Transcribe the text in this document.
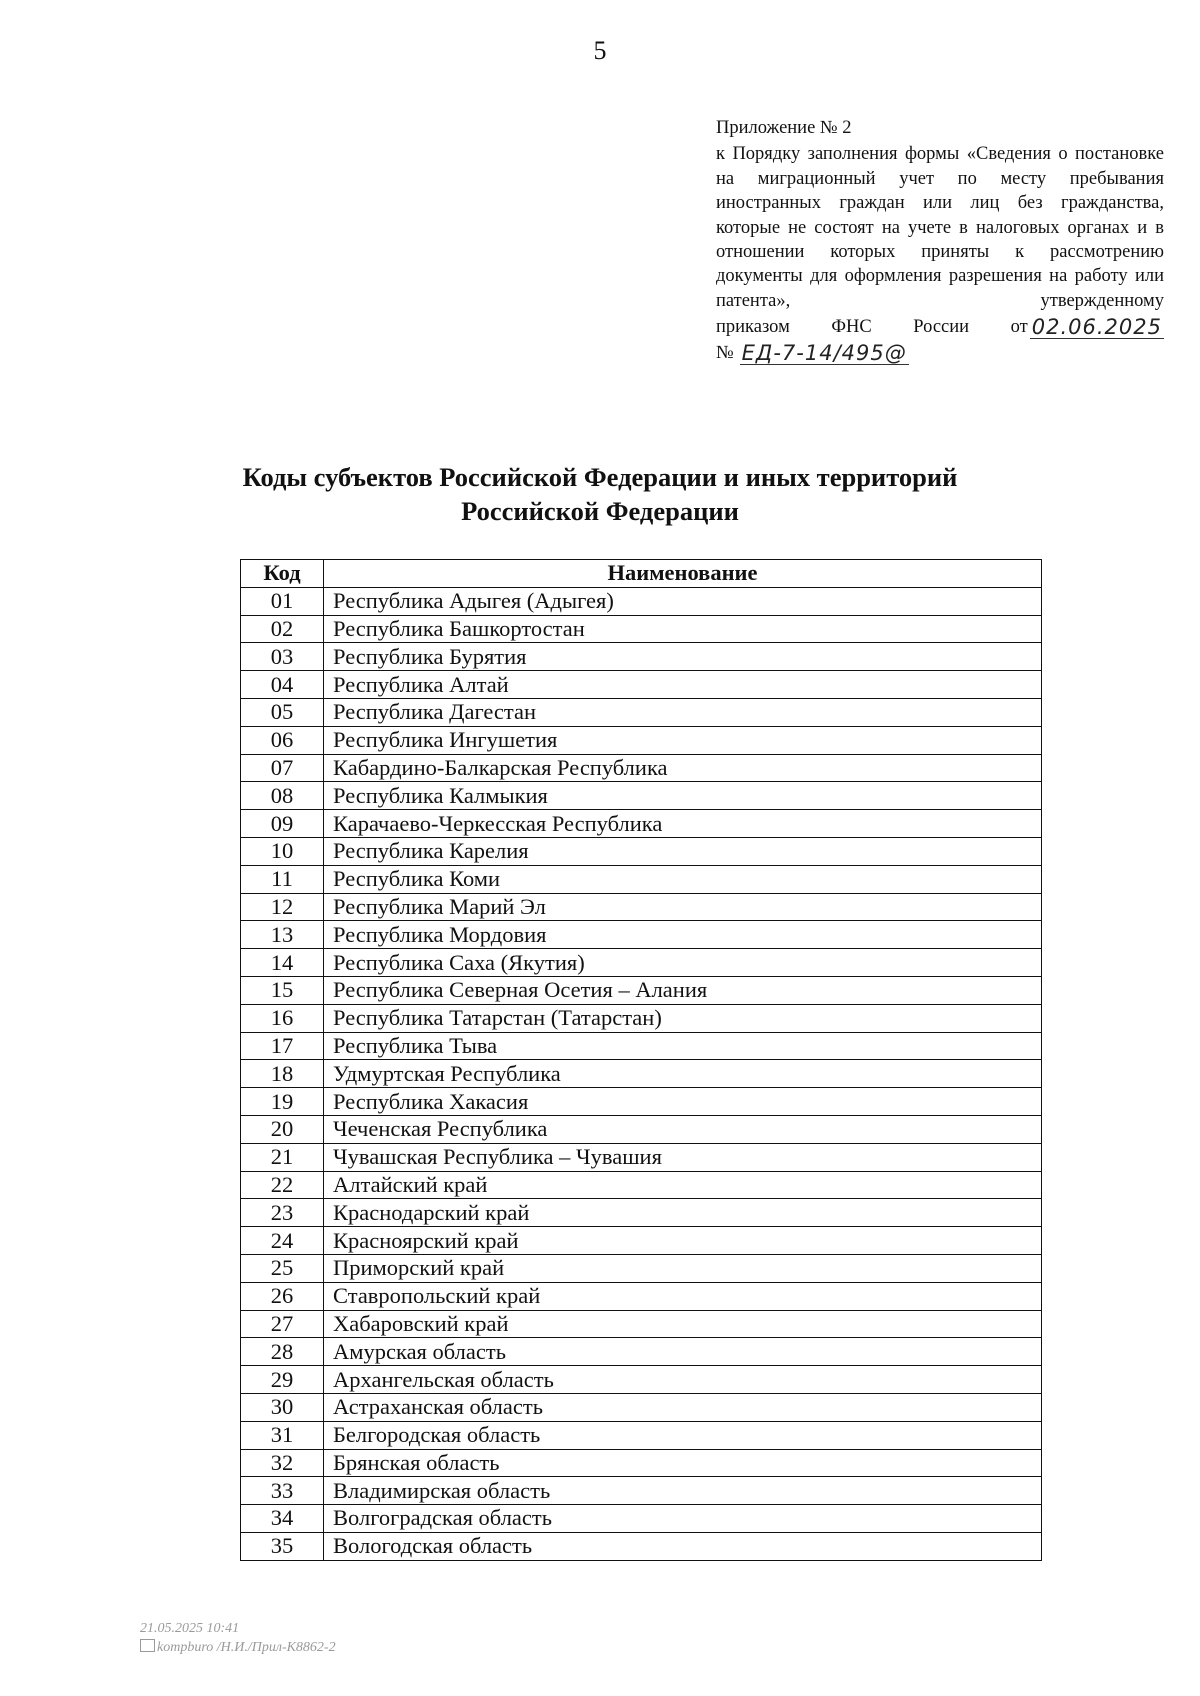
5

Приложение № 2

к Порядку заполнения формы «Сведения о постановке на миграционный учет по месту пребывания иностранных граждан или лиц без гражданства, которые не состоят на учете в налоговых органах и в отношении которых приняты к рассмотрению документы для оформления разрешения на работу или патента», утвержденному

приказом ФНС России от 02.06.2025
№ ЕД-7-14/495@
Коды субъектов Российской Федерации и иных территорий
Российской Федерации
Код	Наименование
01	Республика Адыгея (Адыгея)
02	Республика Башкортостан
03	Республика Бурятия
04	Республика Алтай
05	Республика Дагестан
06	Республика Ингушетия
07	Кабардино-Балкарская Республика
08	Республика Калмыкия
09	Карачаево-Черкесская Республика
10	Республика Карелия
11	Республика Коми
12	Республика Марий Эл
13	Республика Мордовия
14	Республика Саха (Якутия)
15	Республика Северная Осетия – Алания
16	Республика Татарстан (Татарстан)
17	Республика Тыва
18	Удмуртская Республика
19	Республика Хакасия
20	Чеченская Республика
21	Чувашская Республика – Чувашия
22	Алтайский край
23	Краснодарский край
24	Красноярский край
25	Приморский край
26	Ставропольский край
27	Хабаровский край
28	Амурская область
29	Архангельская область
30	Астраханская область
31	Белгородская область
32	Брянская область
33	Владимирская область
34	Волгоградская область
35	Вологодская область
21.05.2025 10:41
kompburo /Н.И./Прил-К8862-2
